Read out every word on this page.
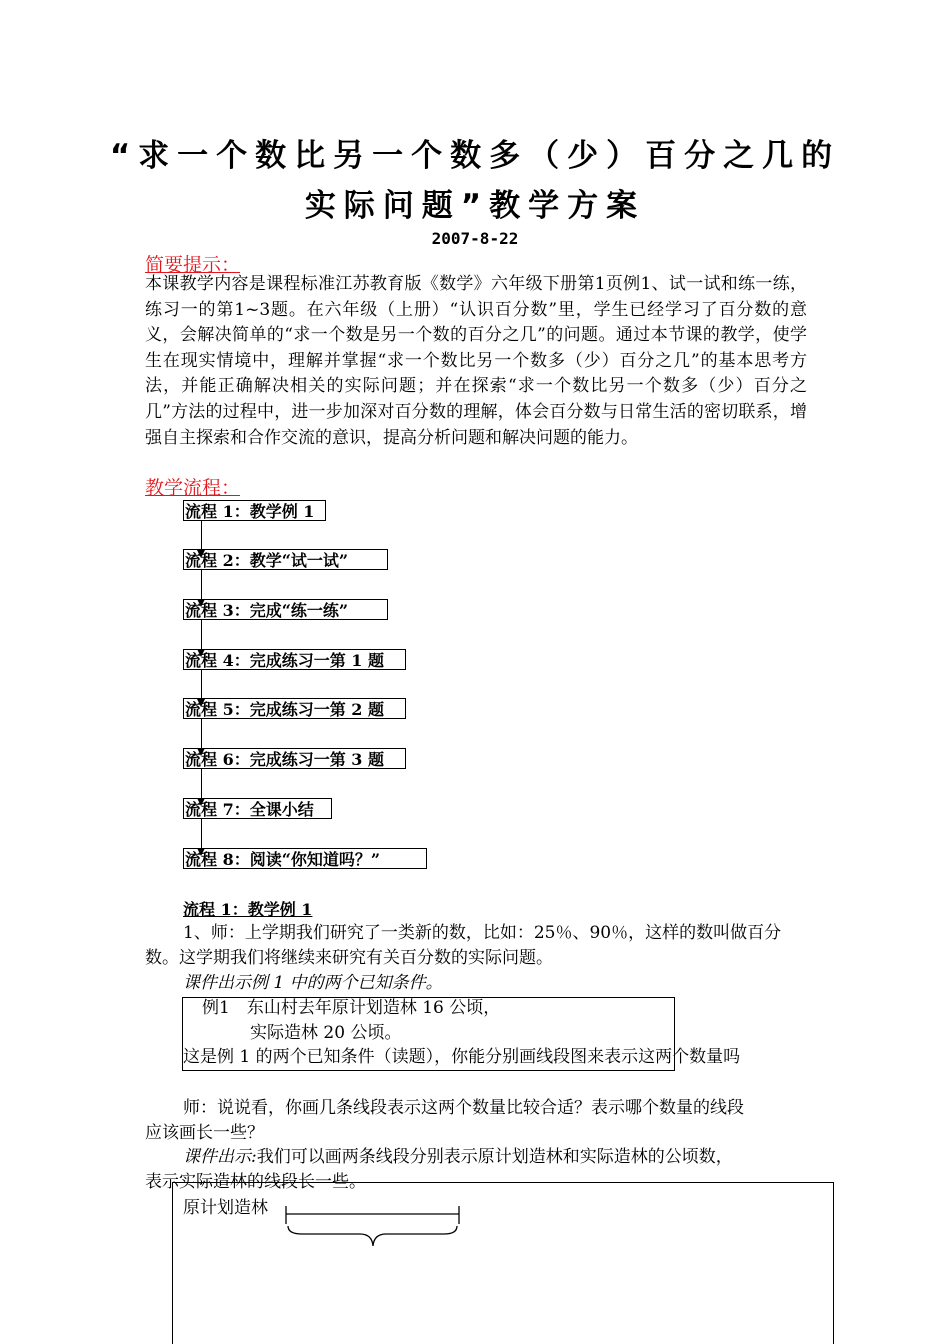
“求一个数比另一个数多（少）百分之几的
实际问题”教学方案
2007-8-22
简要提示：
本课教学内容是课程标准江苏教育版《数学》六年级下册第1页例1、试一试和练一练，练习一的第1~3题。在六年级（上册）“认识百分数”里，学生已经学习了百分数的意义，会解决简单的“求一个数是另一个数的百分之几”的问题。通过本节课的教学，使学生在现实情境中，理解并掌握“求一个数比另一个数多（少）百分之几”的基本思考方法，并能正确解决相关的实际问题；并在探索“求一个数比另一个数多（少）百分之几”方法的过程中，进一步加深对百分数的理解，体会百分数与日常生活的密切联系，增强自主探索和合作交流的意识，提高分析问题和解决问题的能力。
教学流程：
流程 1：教学例 1
流程 2：教学“试一试”
流程 3：完成“练一练”
流程 4：完成练习一第 1 题
流程 5：完成练习一第 2 题
流程 6：完成练习一第 3 题
流程 7：全课小结
流程 8：阅读“你知道吗？”
流程 1：教学例 1
1、师：上学期我们研究了一类新的数，比如：25％、90％，这样的数叫做百分
数。这学期我们将继续来研究有关百分数的实际问题。
课件出示例 1 中的两个已知条件。
例1　东山村去年原计划造林 16 公顷，
实际造林 20 公顷。
这是例 1 的两个已知条件（读题），你能分别画线段图来表示这两个数量吗
师：说说看，你画几条线段表示这两个数量比较合适？表示哪个数量的线段
应该画长一些？
课件出示:我们可以画两条线段分别表示原计划造林和实际造林的公顷数，
表示实际造林的线段长一些。
原计划造林
